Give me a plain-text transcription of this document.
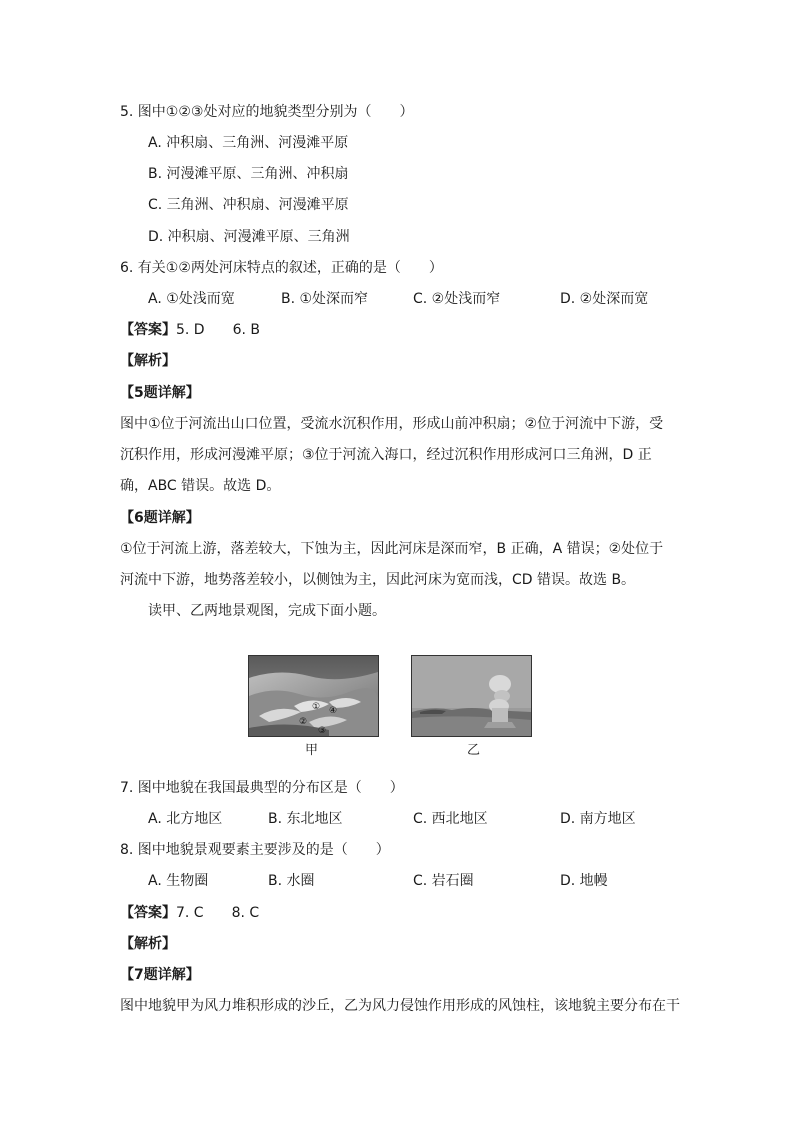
5. 图中①②③处对应的地貌类型分别为（　　）
A. 冲积扇、三角洲、河漫滩平原
B. 河漫滩平原、三角洲、冲积扇
C. 三角洲、冲积扇、河漫滩平原
D. 冲积扇、河漫滩平原、三角洲
6. 有关①②两处河床特点的叙述，正确的是（　　）
A. ①处浅而宽	B. ①处深而窄	C. ②处浅而窄	D. ②处深而宽
【答案】5. D　　6. B
【解析】
【5题详解】
图中①位于河流出山口位置，受流水沉积作用，形成山前冲积扇；②位于河流中下游，受
沉积作用，形成河漫滩平原；③位于河流入海口，经过沉积作用形成河口三角洲，D 正
确，ABC 错误。故选 D。
【6题详解】
①位于河流上游，落差较大，下蚀为主，因此河床是深而窄，B 正确，A 错误；②处位于
河流中下游，地势落差较小，以侧蚀为主，因此河床为宽而浅，CD 错误。故选 B。
读甲、乙两地景观图，完成下面小题。
① ④
②
③
甲	乙
7. 图中地貌在我国最典型的分布区是（　　）
A. 北方地区	B. 东北地区	C. 西北地区	D. 南方地区
8. 图中地貌景观要素主要涉及的是（　　）
A. 生物圈	B. 水圈	C. 岩石圈	D. 地幔
【答案】7. C　　8. C
【解析】
【7题详解】
图中地貌甲为风力堆积形成的沙丘，乙为风力侵蚀作用形成的风蚀柱，该地貌主要分布在干
